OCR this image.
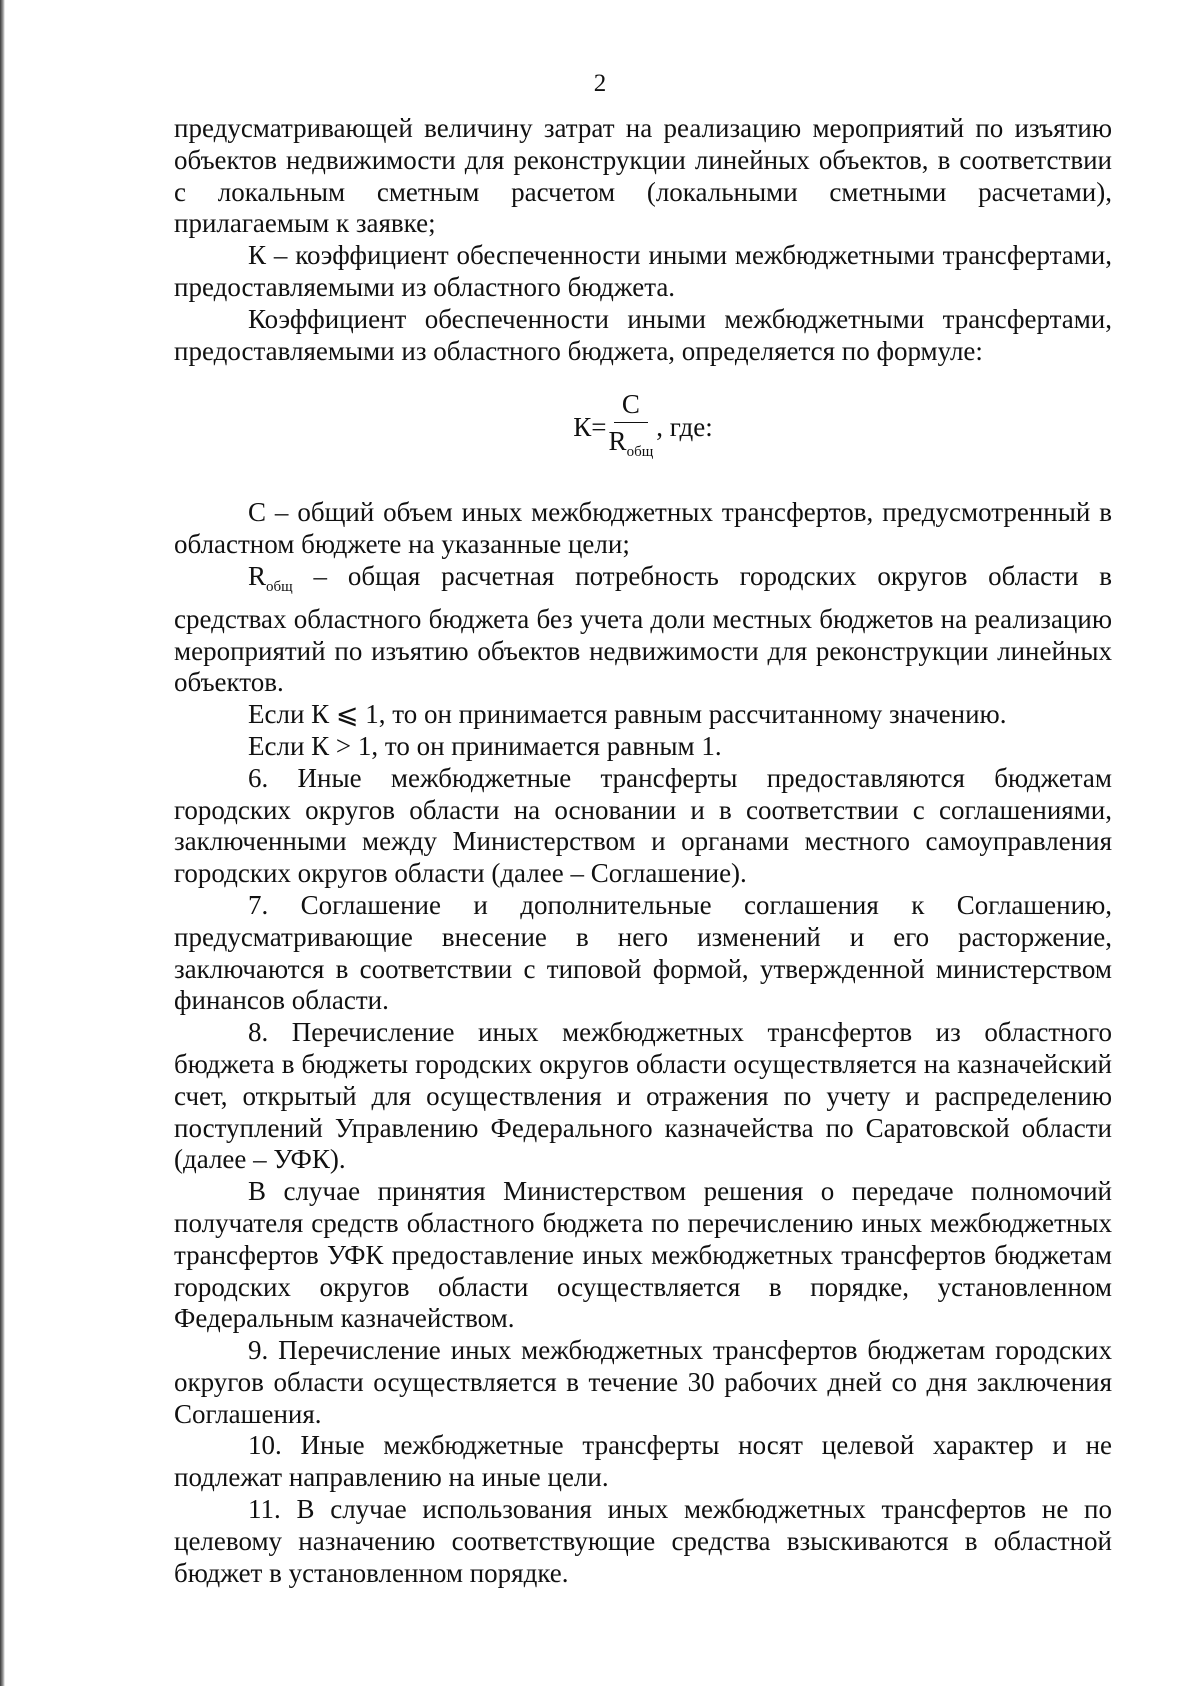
2

предусматривающей величину затрат на реализацию мероприятий по изъятию объектов недвижимости для реконструкции линейных объектов, в соответствии с локальным сметным расчетом (локальными сметными расчетами), прилагаемым к заявке;

К – коэффициент обеспеченности иными межбюджетными трансфертами, предоставляемыми из областного бюджета.

Коэффициент обеспеченности иными межбюджетными трансфертами, предоставляемыми из областного бюджета, определяется по формуле:

$К= \frac{С}{R_{общ}}$ , где:

С – общий объем иных межбюджетных трансфертов, предусмотренный в областном бюджете на указанные цели;

$R_{общ}$ – общая расчетная потребность городских округов области в средствах областного бюджета без учета доли местных бюджетов на реализацию мероприятий по изъятию объектов недвижимости для реконструкции линейных объектов.

Если К ⩽ 1, то он принимается равным рассчитанному значению.

Если К > 1, то он принимается равным 1.

6. Иные межбюджетные трансферты предоставляются бюджетам городских округов области на основании и в соответствии с соглашениями, заключенными между Министерством и органами местного самоуправления городских округов области (далее – Соглашение).

7. Соглашение и дополнительные соглашения к Соглашению, предусматривающие внесение в него изменений и его расторжение, заключаются в соответствии с типовой формой, утвержденной министерством финансов области.

8. Перечисление иных межбюджетных трансфертов из областного бюджета в бюджеты городских округов области осуществляется на казначейский счет, открытый для осуществления и отражения по учету и распределению поступлений Управлению Федерального казначейства по Саратовской области (далее – УФК).

В случае принятия Министерством решения о передаче полномочий получателя средств областного бюджета по перечислению иных межбюджетных трансфертов УФК предоставление иных межбюджетных трансфертов бюджетам городских округов области осуществляется в порядке, установленном Федеральным казначейством.

9. Перечисление иных межбюджетных трансфертов бюджетам городских округов области осуществляется в течение 30 рабочих дней со дня заключения Соглашения.

10. Иные межбюджетные трансферты носят целевой характер и не подлежат направлению на иные цели.

11. В случае использования иных межбюджетных трансфертов не по целевому назначению соответствующие средства взыскиваются в областной бюджет в установленном порядке.
